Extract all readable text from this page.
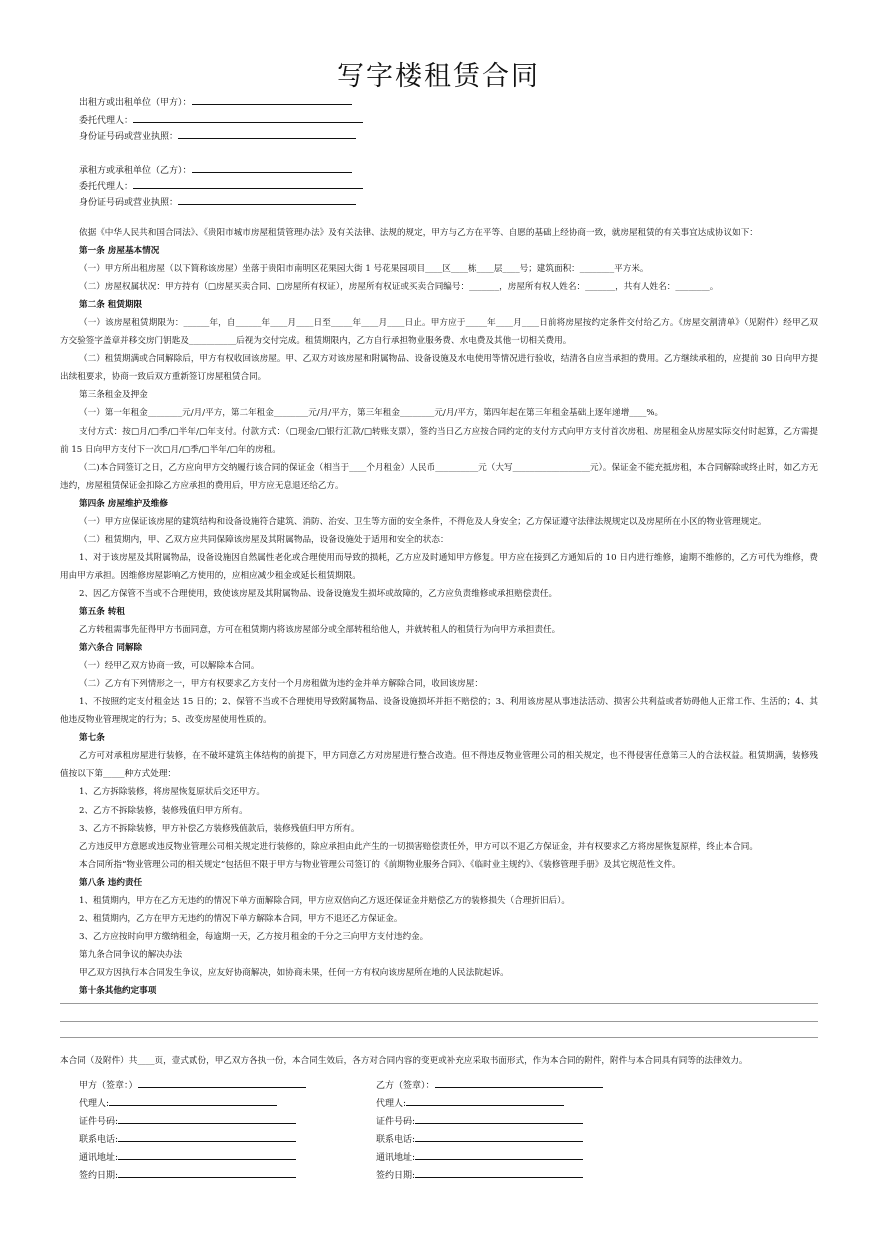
写字楼租赁合同
出租方或出租单位（甲方）：
委托代理人：
身份证号码或营业执照：
承租方或承租单位（乙方）：
委托代理人：
身份证号码或营业执照：

依据《中华人民共和国合同法》、《贵阳市城市房屋租赁管理办法》及有关法律、法规的规定，甲方与乙方在平等、自愿的基础上经协商一致，就房屋租赁的有关事宜达成协议如下：

第一条 房屋基本情况

（一）甲方所出租房屋（以下简称该房屋）坐落于贵阳市南明区花果园大街 1 号花果园项目____区____栋____层____号；建筑面积：________平方米。

（二）房屋权属状况：甲方持有（□房屋买卖合同、□房屋所有权证），房屋所有权证或买卖合同编号：_______，房屋所有权人姓名：_______，共有人姓名：________。

第二条 租赁期限

（一）该房屋租赁期限为：______年，自______年____月____日至_____年____月____日止。甲方应于_____年____月____日前将房屋按约定条件交付给乙方。《房屋交割清单》（见附件）经甲乙双方交验签字盖章并移交房门钥匙及___________后视为交付完成。租赁期限内，乙方自行承担物业服务费、水电费及其他一切相关费用。

（二）租赁期满或合同解除后，甲方有权收回该房屋。甲、乙双方对该房屋和附属物品、设备设施及水电使用等情况进行验收，结清各自应当承担的费用。乙方继续承租的，应提前 30 日向甲方提出续租要求，协商一致后双方重新签订房屋租赁合同。

第三条租金及押金

（一）第一年租金________元/月/平方，第二年租金________元/月/平方，第三年租金________元/月/平方，第四年起在第三年租金基础上逐年递增____%。

支付方式：按□月/□季/□半年/□年支付。付款方式：（□现金/□银行汇款/□转账支票），签约当日乙方应按合同约定的支付方式向甲方支付首次房租、房屋租金从房屋实际交付时起算，乙方需提前 15 日向甲方支付下一次□月/□季/□半年/□年的房租。

（二)本合同签订之日，乙方应向甲方交纳履行该合同的保证金（相当于____个月租金）人民币__________元（大写__________________元）。保证金不能充抵房租，本合同解除或终止时，如乙方无违约，房屋租赁保证金扣除乙方应承担的费用后，甲方应无息退还给乙方。

第四条 房屋维护及维修

（一）甲方应保证该房屋的建筑结构和设备设施符合建筑、消防、治安、卫生等方面的安全条件，不得危及人身安全；乙方保证遵守法律法规规定以及房屋所在小区的物业管理规定。

（二）租赁期内，甲、乙双方应共同保障该房屋及其附属物品，设备设施处于适用和安全的状态：

1、对于该房屋及其附属物品，设备设施因自然属性老化或合理使用而导致的损耗，乙方应及时通知甲方修复。甲方应在接到乙方通知后的 10 日内进行维修，逾期不维修的，乙方可代为维修，费用由甲方承担。因维修房屋影响乙方使用的，应相应减少租金或延长租赁期限。

2、因乙方保管不当或不合理使用，致使该房屋及其附属物品、设备设施发生损坏或故障的，乙方应负责维修或承担赔偿责任。

第五条 转租

乙方转租需事先征得甲方书面同意，方可在租赁期内将该房屋部分或全部转租给他人，并就转租人的租赁行为向甲方承担责任。

第六条合 同解除

（一）经甲乙双方协商一致，可以解除本合同。

（二）乙方有下列情形之一，甲方有权要求乙方支付一个月房租做为违约金并单方解除合同，收回该房屋：

1、不按照约定支付租金达 15 日的；2、保管不当或不合理使用导致附属物品、设备设施损坏并拒不赔偿的；3、利用该房屋从事违法活动、损害公共利益或者妨碍他人正常工作、生活的；4、其他违反物业管理规定的行为；5、改变房屋使用性质的。

第七条

乙方可对承租房屋进行装修，在不破坏建筑主体结构的前提下，甲方同意乙方对房屋进行整合改造。但不得违反物业管理公司的相关规定，也不得侵害任意第三人的合法权益。租赁期满，装修残值按以下第_____种方式处理：

1、乙方拆除装修，将房屋恢复原状后交还甲方。

2、乙方不拆除装修，装修残值归甲方所有。

3、乙方不拆除装修，甲方补偿乙方装修残值款后，装修残值归甲方所有。

乙方违反甲方意愿或违反物业管理公司相关规定进行装修的，除应承担由此产生的一切损害赔偿责任外，甲方可以不退乙方保证金，并有权要求乙方将房屋恢复原样，终止本合同。

本合同所指“物业管理公司的相关规定”包括但不限于甲方与物业管理公司签订的《前期物业服务合同》、《临时业主规约》、《装修管理手册》及其它规范性文件。

第八条 违约责任

1、租赁期内，甲方在乙方无违约的情况下单方面解除合同，甲方应双倍向乙方返还保证金并赔偿乙方的装修损失（合理折旧后）。

2、租赁期内，乙方在甲方无违约的情况下单方解除本合同，甲方不退还乙方保证金。

3、乙方应按时向甲方缴纳租金，每逾期一天，乙方按月租金的千分之三向甲方支付违约金。

第九条合同争议的解决办法

甲乙双方因执行本合同发生争议，应友好协商解决，如协商未果，任何一方有权向该房屋所在地的人民法院起诉。

第十条其他约定事项

本合同（及附件）共____页，壹式贰份，甲乙双方各执一份，本合同生效后，各方对合同内容的变更或补充应采取书面形式，作为本合同的附件，附件与本合同具有同等的法律效力。

甲方（签章：）
代理人:
证件号码:
联系电话:
通讯地址:
签约日期:
乙方（签章）：
代理人:
证件号码:
联系电话:
通讯地址:
签约日期:
